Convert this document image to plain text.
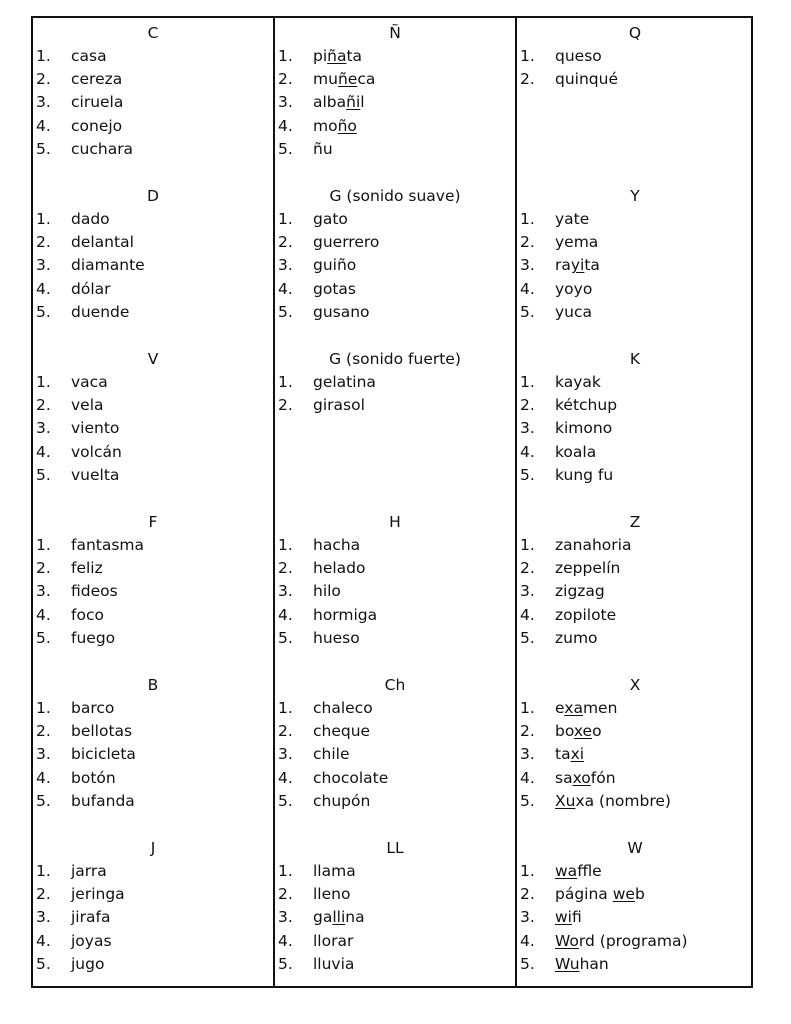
C
1. casa
2. cereza
3. ciruela
4. conejo
5. cuchara
D
1. dado
2. delantal
3. diamante
4. dólar
5. duende
V
1. vaca
2. vela
3. viento
4. volcán
5. vuelta
F
1. fantasma
2. feliz
3. fideos
4. foco
5. fuego
B
1. barco
2. bellotas
3. bicicleta
4. botón
5. bufanda
J
1. jarra
2. jeringa
3. jirafa
4. joyas
5. jugo
Ñ
1. piñata
2. muñeca
3. albañil
4. moño
5. ñu
G (sonido suave)
1. gato
2. guerrero
3. guiño
4. gotas
5. gusano
G (sonido fuerte)
1. gelatina
2. girasol
H
1. hacha
2. helado
3. hilo
4. hormiga
5. hueso
Ch
1. chaleco
2. cheque
3. chile
4. chocolate
5. chupón
LL
1. llama
2. lleno
3. gallina
4. llorar
5. lluvia
Q
1. queso
2. quinqué
Y
1. yate
2. yema
3. rayita
4. yoyo
5. yuca
K
1. kayak
2. kétchup
3. kimono
4. koala
5. kung fu
Z
1. zanahoria
2. zeppelín
3. zigzag
4. zopilote
5. zumo
X
1. examen
2. boxeo
3. taxi
4. saxofón
5. Xuxa (nombre)
W
1. waffle
2. página web
3. wifi
4. Word (programa)
5. Wuhan
